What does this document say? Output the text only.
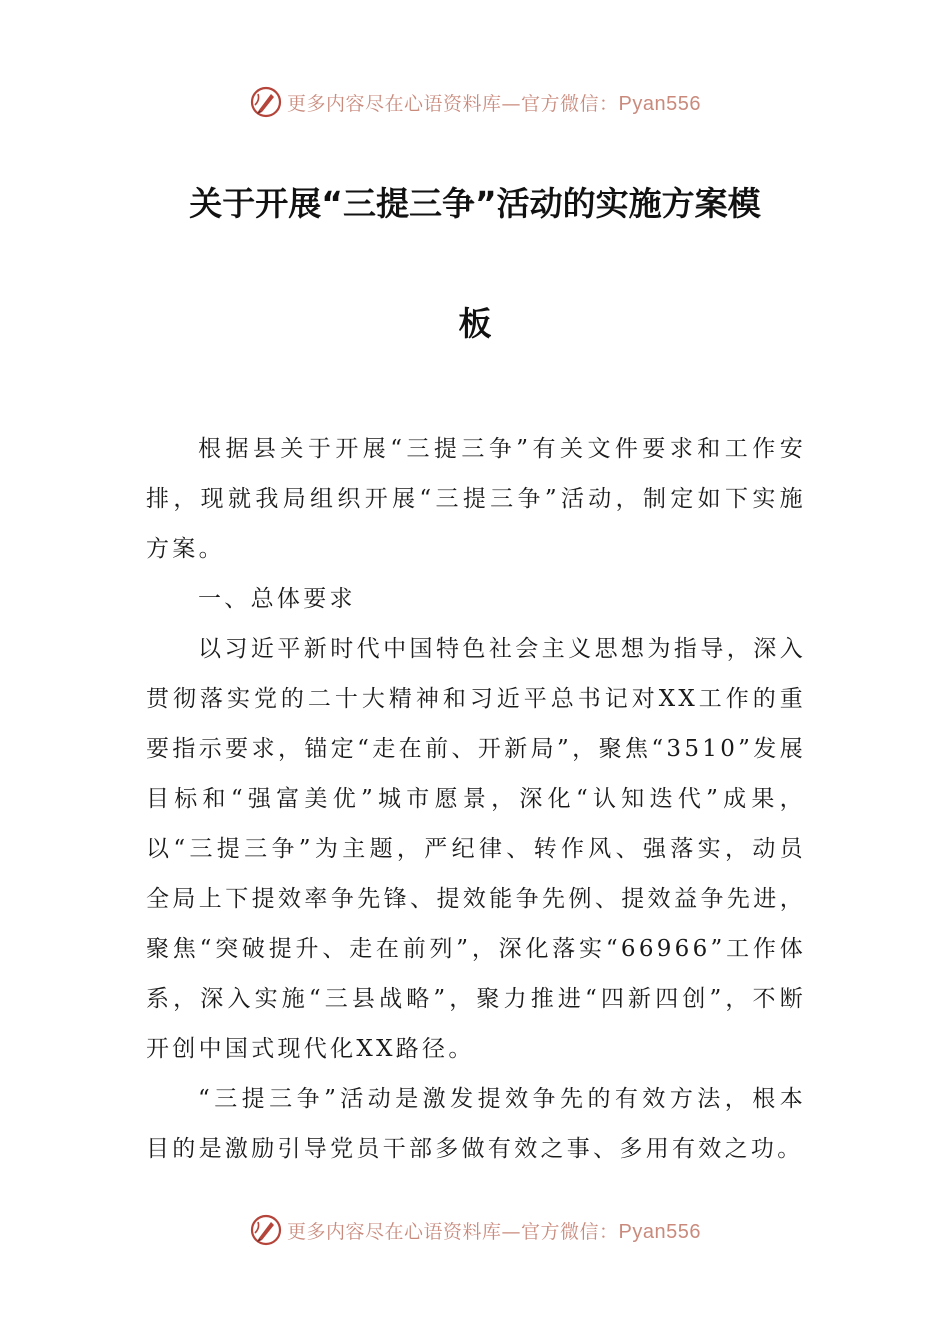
更多内容尽在心语资料库—官方微信：Pyan556
关于开展“三提三争”活动的实施方案模
板

根据县关于开展“三提三争”有关文件要求和工作安排，现就我局组织开展“三提三争”活动，制定如下实施方案。

一、总体要求

以习近平新时代中国特色社会主义思想为指导，深入贯彻落实党的二十大精神和习近平总书记对XX工作的重要指示要求，锚定“走在前、开新局”，聚焦“3510”发展目标和“强富美优”城市愿景，深化“认知迭代”成果，以“三提三争”为主题，严纪律、转作风、强落实，动员全局上下提效率争先锋、提效能争先例、提效益争先进，聚焦“突破提升、走在前列”，深化落实“66966”工作体系，深入实施“三县战略”，聚力推进“四新四创”，不断开创中国式现代化XX路径。

“三提三争”活动是激发提效争先的有效方法，根本目的是激励引导党员干部多做有效之事、多用有效之功。

更多内容尽在心语资料库—官方微信：Pyan556
